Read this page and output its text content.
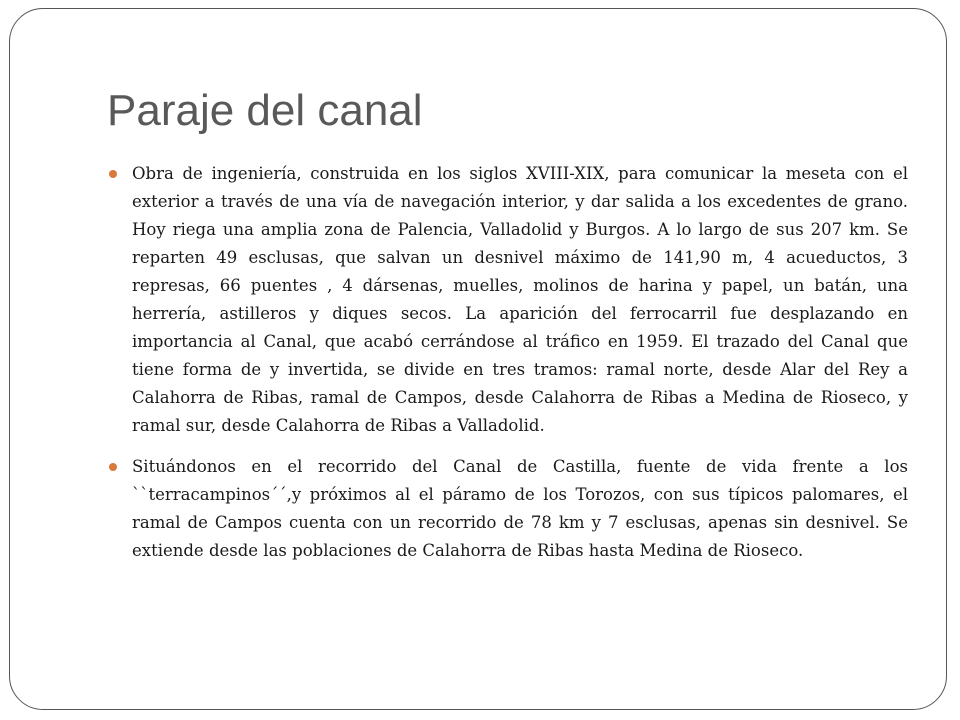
Paraje del canal
Obra de ingeniería, construida en los siglos XVIII-XIX, para comunicar la meseta con el exterior a través de una vía de navegación interior, y dar salida a los excedentes de grano. Hoy riega una amplia zona de Palencia, Valladolid y Burgos. A lo largo de sus 207 km. Se reparten 49 esclusas, que salvan un desnivel máximo de 141,90 m, 4 acueductos, 3 represas, 66 puentes , 4 dársenas, muelles, molinos de harina y papel, un batán, una herrería, astilleros y diques secos. La aparición del ferrocarril fue desplazando en importancia al Canal, que acabó cerrándose al tráfico en 1959. El trazado del Canal que tiene forma de y invertida, se divide en tres tramos: ramal norte, desde Alar del Rey a Calahorra de Ribas, ramal de Campos, desde Calahorra de Ribas a Medina de Rioseco, y ramal sur, desde Calahorra de Ribas a Valladolid.
Situándonos en el recorrido del Canal de Castilla, fuente de vida frente a los ``terracampinos´´,y próximos al el páramo de los Torozos, con sus típicos palomares, el ramal de Campos cuenta con un recorrido de 78 km y 7 esclusas, apenas sin desnivel. Se extiende desde las poblaciones de Calahorra de Ribas hasta Medina de Rioseco.
